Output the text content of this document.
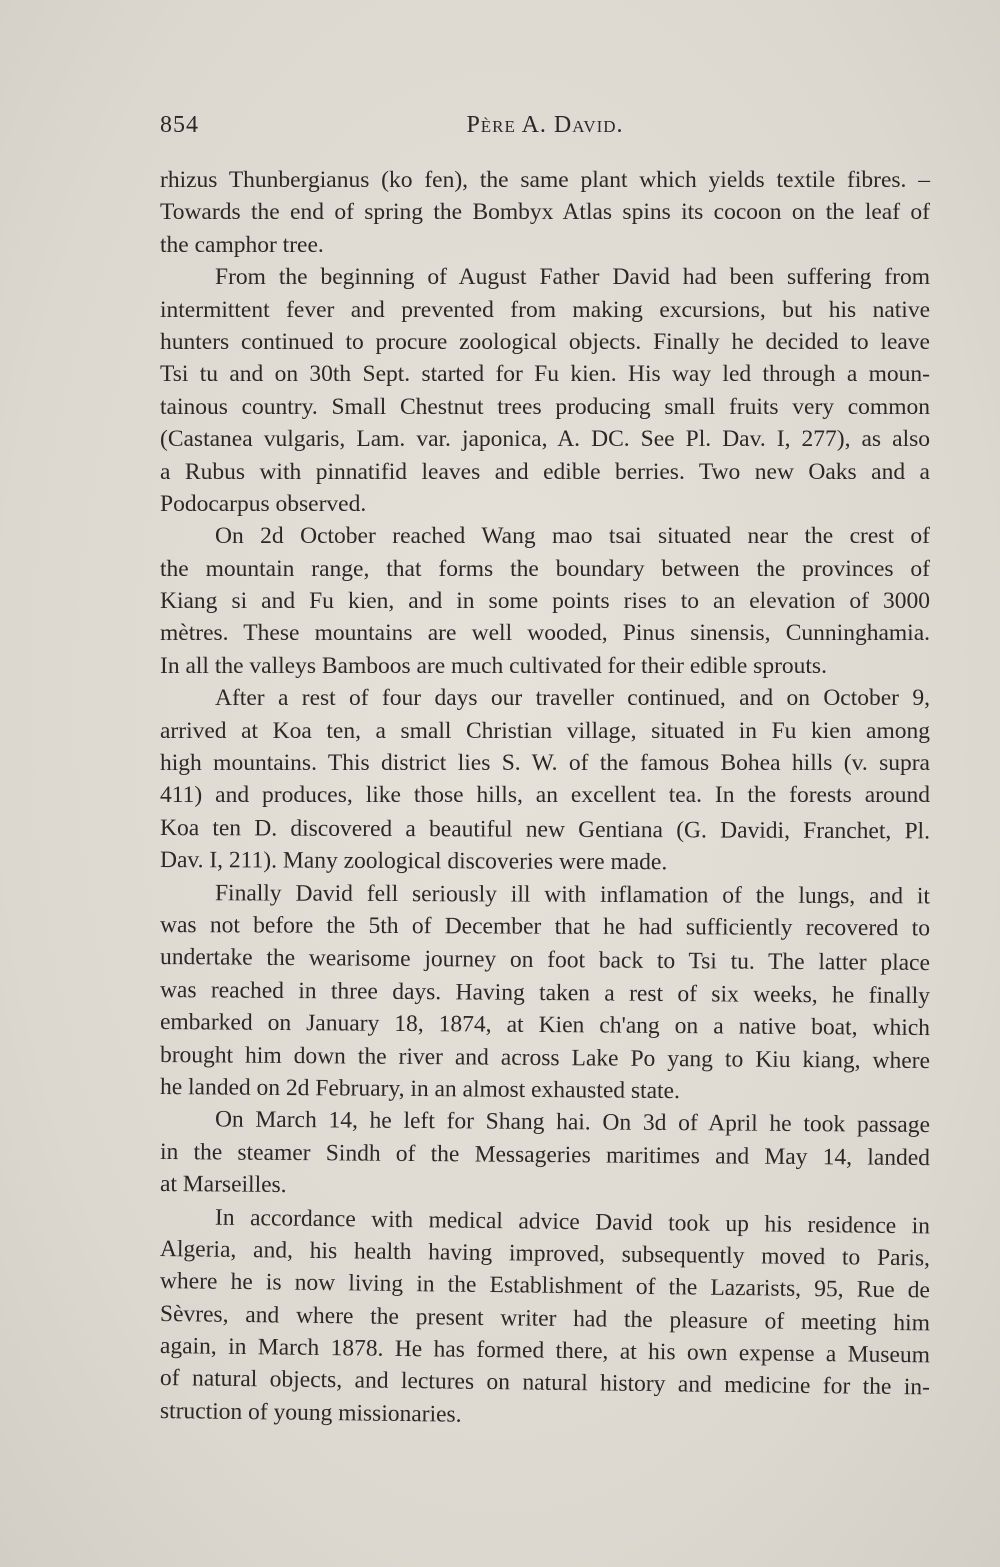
854	Père A. David.
rhizus Thunbergianus (ko fen), the same plant which yields textile fibres. –
Towards the end of spring the Bombyx Atlas spins its cocoon on the leaf of
the camphor tree.
From the beginning of August Father David had been suffering from
intermittent fever and prevented from making excursions, but his native
hunters continued to procure zoological objects. Finally he decided to leave
Tsi tu and on 30th Sept. started for Fu kien. His way led through a moun-
tainous country. Small Chestnut trees producing small fruits very common
(Castanea vulgaris, Lam. var. japonica, A. DC. See Pl. Dav. I, 277), as also
a Rubus with pinnatifid leaves and edible berries. Two new Oaks and a
Podocarpus observed.
On 2d October reached Wang mao tsai situated near the crest of
the mountain range, that forms the boundary between the provinces of
Kiang si and Fu kien, and in some points rises to an elevation of 3000
mètres. These mountains are well wooded, Pinus sinensis, Cunninghamia.
In all the valleys Bamboos are much cultivated for their edible sprouts.
After a rest of four days our traveller continued, and on October 9,
arrived at Koa ten, a small Christian village, situated in Fu kien among
high mountains. This district lies S. W. of the famous Bohea hills (v. supra
411) and produces, like those hills, an excellent tea. In the forests around
Koa ten D. discovered a beautiful new Gentiana (G. Davidi, Franchet, Pl.
Dav. I, 211). Many zoological discoveries were made.
Finally David fell seriously ill with inflamation of the lungs, and it
was not before the 5th of December that he had sufficiently recovered to
undertake the wearisome journey on foot back to Tsi tu. The latter place
was reached in three days. Having taken a rest of six weeks, he finally
embarked on January 18, 1874, at Kien ch'ang on a native boat, which
brought him down the river and across Lake Po yang to Kiu kiang, where
he landed on 2d February, in an almost exhausted state.
On March 14, he left for Shang hai. On 3d of April he took passage
in the steamer Sindh of the Messageries maritimes and May 14, landed
at Marseilles.
In accordance with medical advice David took up his residence in
Algeria, and, his health having improved, subsequently moved to Paris,
where he is now living in the Establishment of the Lazarists, 95, Rue de
Sèvres, and where the present writer had the pleasure of meeting him
again, in March 1878. He has formed there, at his own expense a Museum
of natural objects, and lectures on natural history and medicine for the in-
struction of young missionaries.
